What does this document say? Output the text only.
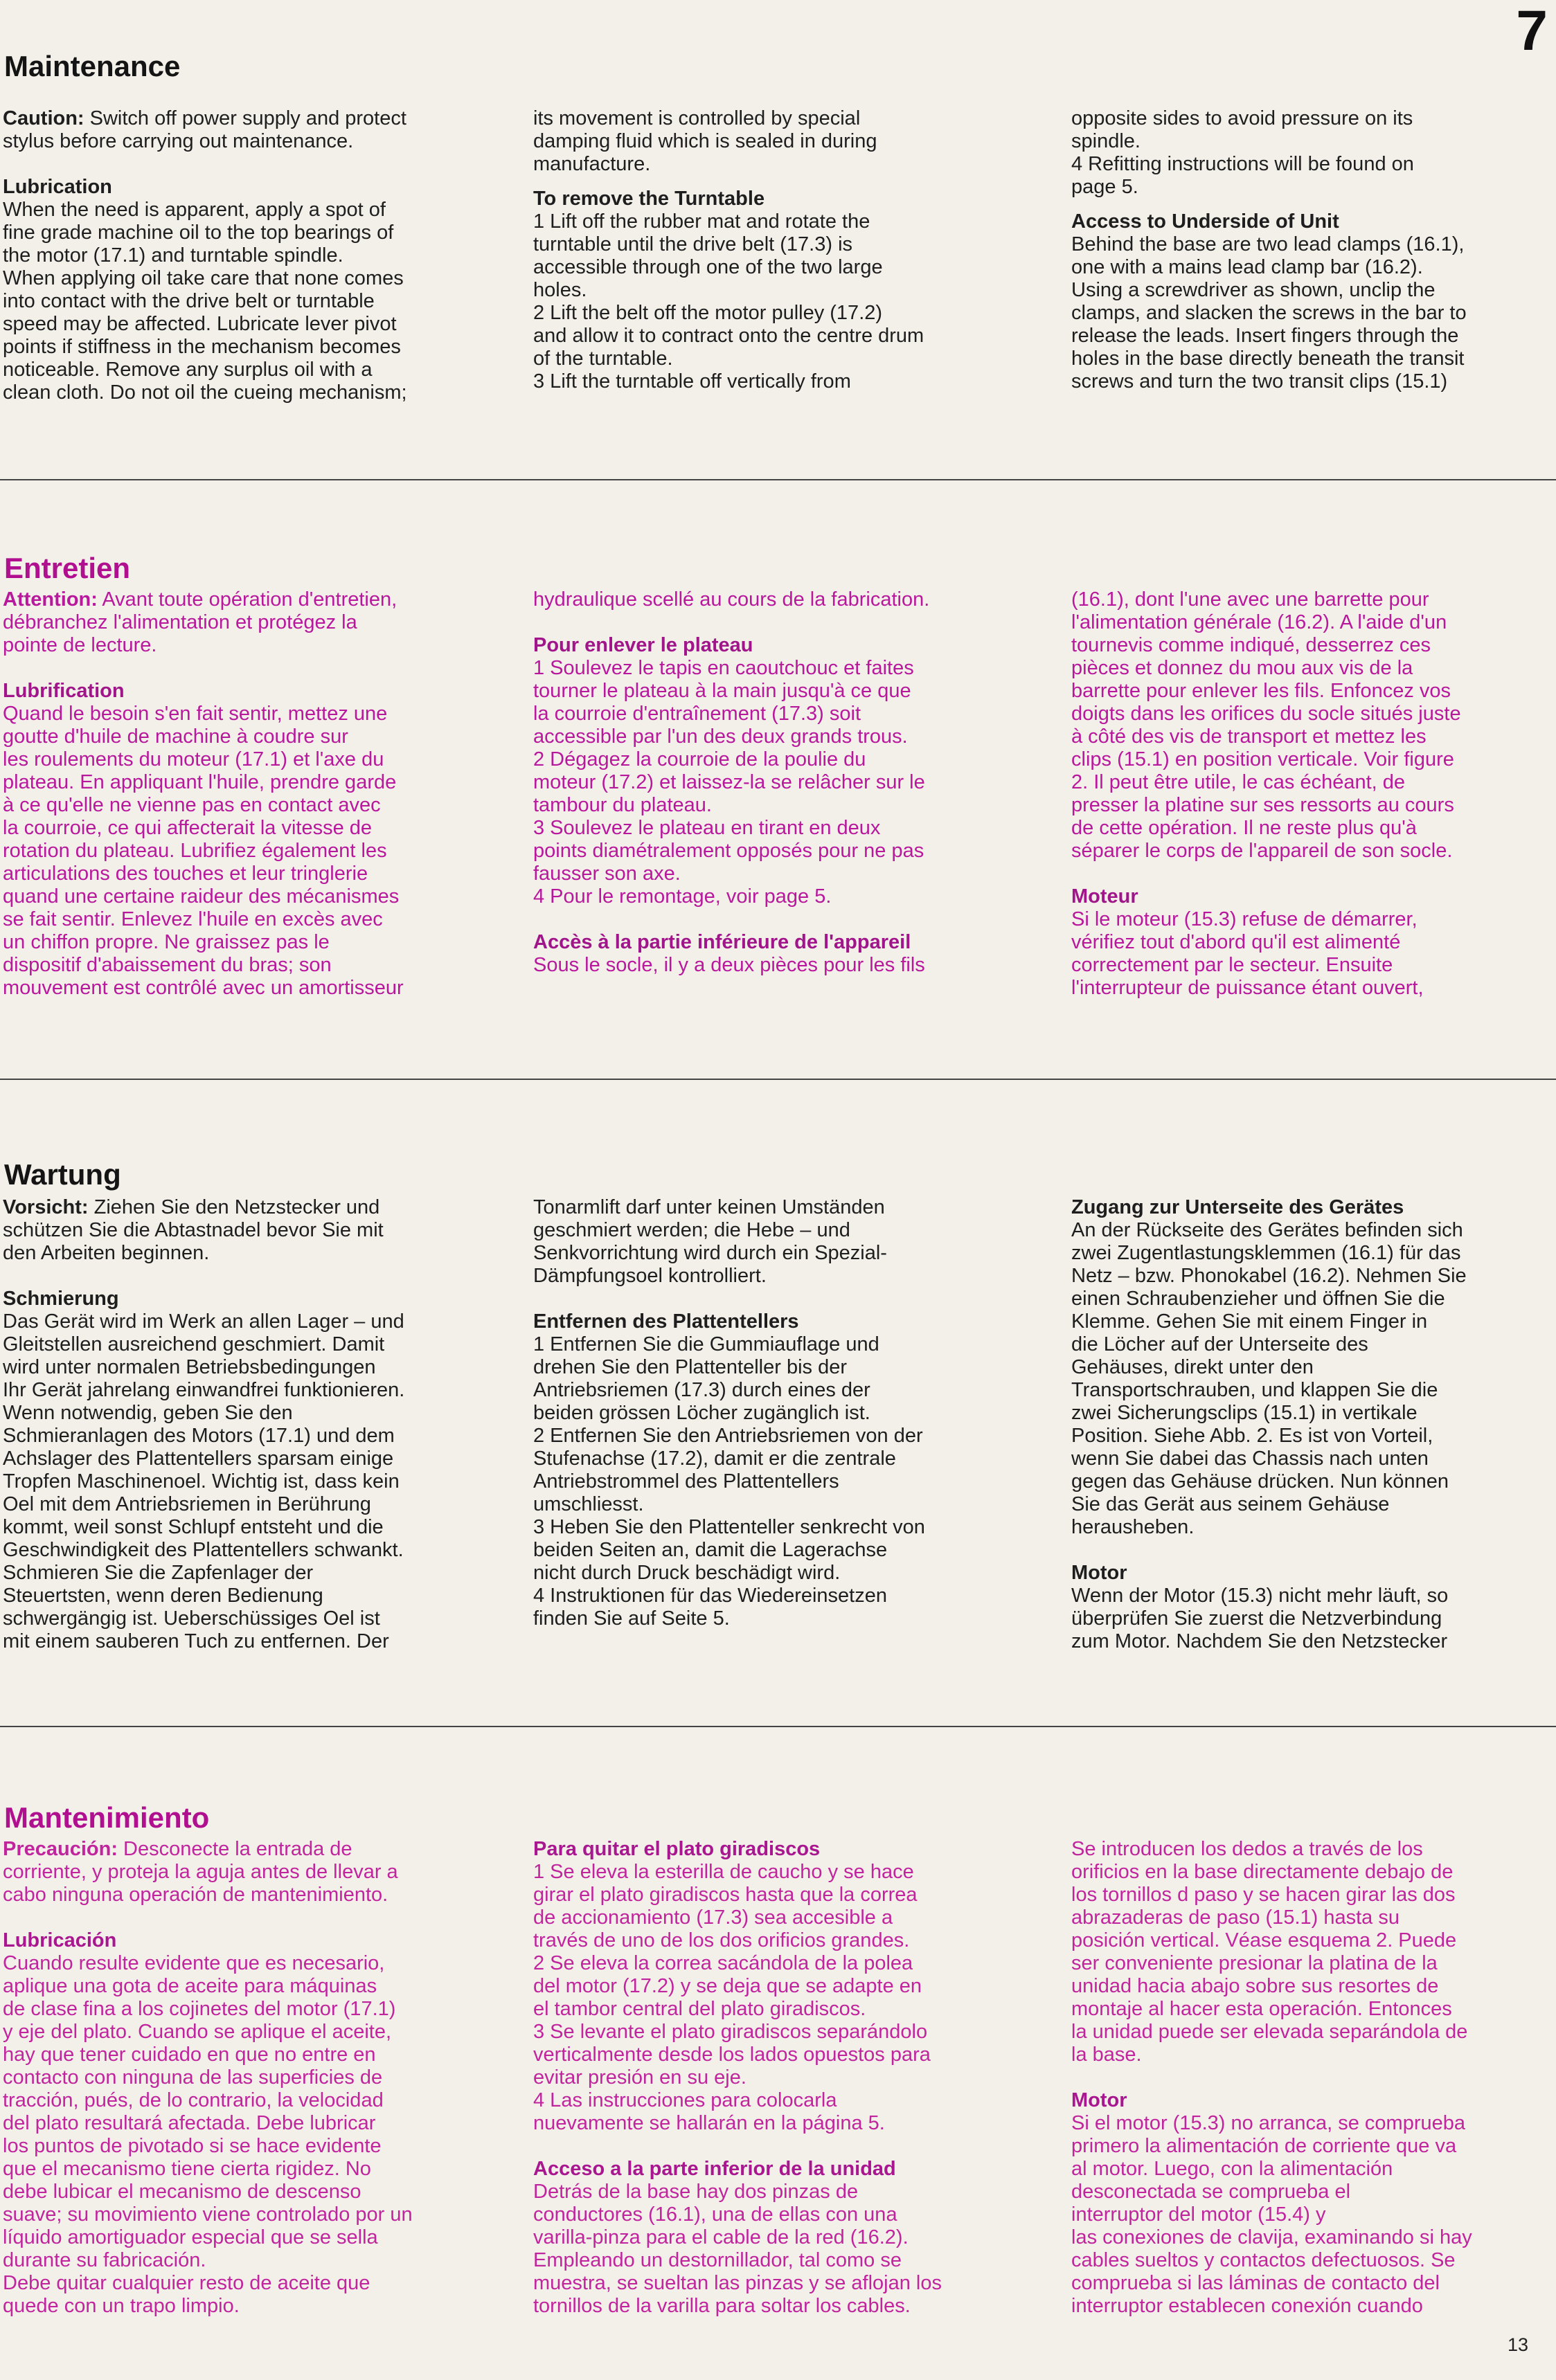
7
Maintenance

Caution: Switch off power supply and protect
stylus before carrying out maintenance.

Lubrication

When the need is apparent, apply a spot of
fine grade machine oil to the top bearings of
the motor (17.1) and turntable spindle.
When applying oil take care that none comes
into contact with the drive belt or turntable
speed may be affected. Lubricate lever pivot
points if stiffness in the mechanism becomes
noticeable. Remove any surplus oil with a
clean cloth. Do not oil the cueing mechanism;

its movement is controlled by special
damping fluid which is sealed in during
manufacture.

To remove the Turntable

1 Lift off the rubber mat and rotate the
turntable until the drive belt (17.3) is
accessible through one of the two large
holes.
2 Lift the belt off the motor pulley (17.2)
and allow it to contract onto the centre drum
of the turntable.
3 Lift the turntable off vertically from

opposite sides to avoid pressure on its
spindle.
4 Refitting instructions will be found on
page 5.

Access to Underside of Unit

Behind the base are two lead clamps (16.1),
one with a mains lead clamp bar (16.2).
Using a screwdriver as shown, unclip the
clamps, and slacken the screws in the bar to
release the leads. Insert fingers through the
holes in the base directly beneath the transit
screws and turn the two transit clips (15.1)

Entretien

Attention: Avant toute opération d'entretien,
débranchez l'alimentation et protégez la
pointe de lecture.

Lubrification

Quand le besoin s'en fait sentir, mettez une
goutte d'huile de machine à coudre sur
les roulements du moteur (17.1) et l'axe du
plateau. En appliquant l'huile, prendre garde
à ce qu'elle ne vienne pas en contact avec
la courroie, ce qui affecterait la vitesse de
rotation du plateau. Lubrifiez également les
articulations des touches et leur tringlerie
quand une certaine raideur des mécanismes
se fait sentir. Enlevez l'huile en excès avec
un chiffon propre. Ne graissez pas le
dispositif d'abaissement du bras; son
mouvement est contrôlé avec un amortisseur

hydraulique scellé au cours de la fabrication.

Pour enlever le plateau

1 Soulevez le tapis en caoutchouc et faites
tourner le plateau à la main jusqu'à ce que
la courroie d'entraînement (17.3) soit
accessible par l'un des deux grands trous.
2 Dégagez la courroie de la poulie du
moteur (17.2) et laissez-la se relâcher sur le
tambour du plateau.
3 Soulevez le plateau en tirant en deux
points diamétralement opposés pour ne pas
fausser son axe.
4 Pour le remontage, voir page 5.

Accès à la partie inférieure de l'appareil

Sous le socle, il y a deux pièces pour les fils

(16.1), dont l'une avec une barrette pour
l'alimentation générale (16.2). A l'aide d'un
tournevis comme indiqué, desserrez ces
pièces et donnez du mou aux vis de la
barrette pour enlever les fils. Enfoncez vos
doigts dans les orifices du socle situés juste
à côté des vis de transport et mettez les
clips (15.1) en position verticale. Voir figure
2. Il peut être utile, le cas échéant, de
presser la platine sur ses ressorts au cours
de cette opération. Il ne reste plus qu'à
séparer le corps de l'appareil de son socle.

Moteur

Si le moteur (15.3) refuse de démarrer,
vérifiez tout d'abord qu'il est alimenté
correctement par le secteur. Ensuite
l'interrupteur de puissance étant ouvert,

Wartung

Vorsicht: Ziehen Sie den Netzstecker und
schützen Sie die Abtastnadel bevor Sie mit
den Arbeiten beginnen.

Schmierung

Das Gerät wird im Werk an allen Lager – und
Gleitstellen ausreichend geschmiert. Damit
wird unter normalen Betriebsbedingungen
Ihr Gerät jahrelang einwandfrei funktionieren.
Wenn notwendig, geben Sie den
Schmieranlagen des Motors (17.1) und dem
Achslager des Plattentellers sparsam einige
Tropfen Maschinenoel. Wichtig ist, dass kein
Oel mit dem Antriebsriemen in Berührung
kommt, weil sonst Schlupf entsteht und die
Geschwindigkeit des Plattentellers schwankt.
Schmieren Sie die Zapfenlager der
Steuertsten, wenn deren Bedienung
schwergängig ist. Ueberschüssiges Oel ist
mit einem sauberen Tuch zu entfernen. Der

Tonarmlift darf unter keinen Umständen
geschmiert werden; die Hebe – und
Senkvorrichtung wird durch ein Spezial-
Dämpfungsoel kontrolliert.

Entfernen des Plattentellers

1 Entfernen Sie die Gummiauflage und
drehen Sie den Plattenteller bis der
Antriebsriemen (17.3) durch eines der
beiden grössen Löcher zugänglich ist.
2 Entfernen Sie den Antriebsriemen von der
Stufenachse (17.2), damit er die zentrale
Antriebstrommel des Plattentellers
umschliesst.
3 Heben Sie den Plattenteller senkrecht von
beiden Seiten an, damit die Lagerachse
nicht durch Druck beschädigt wird.
4 Instruktionen für das Wiedereinsetzen
finden Sie auf Seite 5.

Zugang zur Unterseite des Gerätes

An der Rückseite des Gerätes befinden sich
zwei Zugentlastungsklemmen (16.1) für das
Netz – bzw. Phonokabel (16.2). Nehmen Sie
einen Schraubenzieher und öffnen Sie die
Klemme. Gehen Sie mit einem Finger in
die Löcher auf der Unterseite des
Gehäuses, direkt unter den
Transportschrauben, und klappen Sie die
zwei Sicherungsclips (15.1) in vertikale
Position. Siehe Abb. 2. Es ist von Vorteil,
wenn Sie dabei das Chassis nach unten
gegen das Gehäuse drücken. Nun können
Sie das Gerät aus seinem Gehäuse
herausheben.

Motor

Wenn der Motor (15.3) nicht mehr läuft, so
überprüfen Sie zuerst die Netzverbindung
zum Motor. Nachdem Sie den Netzstecker

Mantenimiento

Precaución: Desconecte la entrada de
corriente, y proteja la aguja antes de llevar a
cabo ninguna operación de mantenimiento.

Lubricación

Cuando resulte evidente que es necesario,
aplique una gota de aceite para máquinas
de clase fina a los cojinetes del motor (17.1)
y eje del plato. Cuando se aplique el aceite,
hay que tener cuidado en que no entre en
contacto con ninguna de las superficies de
tracción, pués, de lo contrario, la velocidad
del plato resultará afectada. Debe lubricar
los puntos de pivotado si se hace evidente
que el mecanismo tiene cierta rigidez. No
debe lubicar el mecanismo de descenso
suave; su movimiento viene controlado por un
líquido amortiguador especial que se sella
durante su fabricación.
Debe quitar cualquier resto de aceite que
quede con un trapo limpio.

Para quitar el plato giradiscos

1 Se eleva la esterilla de caucho y se hace
girar el plato giradiscos hasta que la correa
de accionamiento (17.3) sea accesible a
través de uno de los dos orificios grandes.
2 Se eleva la correa sacándola de la polea
del motor (17.2) y se deja que se adapte en
el tambor central del plato giradiscos.
3 Se levante el plato giradiscos separándolo
verticalmente desde los lados opuestos para
evitar presión en su eje.
4 Las instrucciones para colocarla
nuevamente se hallarán en la página 5.

Acceso a la parte inferior de la unidad

Detrás de la base hay dos pinzas de
conductores (16.1), una de ellas con una
varilla-pinza para el cable de la red (16.2).
Empleando un destornillador, tal como se
muestra, se sueltan las pinzas y se aflojan los
tornillos de la varilla para soltar los cables.

Se introducen los dedos a través de los
orificios en la base directamente debajo de
los tornillos d paso y se hacen girar las dos
abrazaderas de paso (15.1) hasta su
posición vertical. Véase esquema 2. Puede
ser conveniente presionar la platina de la
unidad hacia abajo sobre sus resortes de
montaje al hacer esta operación. Entonces
la unidad puede ser elevada separándola de
la base.

Motor

Si el motor (15.3) no arranca, se comprueba
primero la alimentación de corriente que va
al motor. Luego, con la alimentación
desconectada se comprueba el
interruptor del motor (15.4) y
las conexiones de clavija, examinando si hay
cables sueltos y contactos defectuosos. Se
comprueba si las láminas de contacto del
interruptor establecen conexión cuando

13
